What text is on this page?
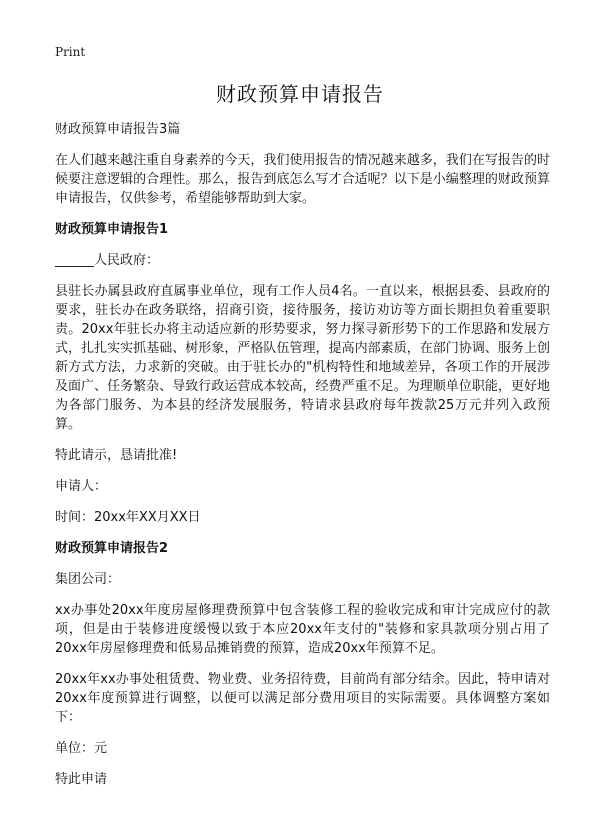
Print
财政预算申请报告

财政预算申请报告3篇

在人们越来越注重自身素养的今天，我们使用报告的情况越来越多，我们在写报告的时候要注意逻辑的合理性。那么，报告到底怎么写才合适呢？以下是小编整理的财政预算申请报告，仅供参考，希望能够帮助到大家。

财政预算申请报告1

______人民政府：

县驻长办属县政府直属事业单位，现有工作人员4名。一直以来，根据县委、县政府的要求，驻长办在政务联络，招商引资，接待服务，接访劝访等方面长期担负着重要职责。20xx年驻长办将主动适应新的形势要求，努力探寻新形势下的工作思路和发展方式，扎扎实实抓基础、树形象，严格队伍管理，提高内部素质，在部门协调、服务上创新方式方法，力求新的突破。由于驻长办的"机构特性和地域差异，各项工作的开展涉及面广、任务繁杂、导致行政运营成本较高，经费严重不足。为理顺单位职能，更好地为各部门服务、为本县的经济发展服务，特请求县政府每年拨款25万元并列入政预算。

特此请示，恳请批准!

申请人：

时间：20xx年XX月XX日

财政预算申请报告2

集团公司：

xx办事处20xx年度房屋修理费预算中包含装修工程的验收完成和审计完成应付的款项，但是由于装修进度缓慢以致于本应20xx年支付的"装修和家具款项分别占用了20xx年房屋修理费和低易品摊销费的预算，造成20xx年预算不足。

20xx年xx办事处租赁费、物业费、业务招待费，目前尚有部分结余。因此，特申请对20xx年度预算进行调整，以便可以满足部分费用项目的实际需要。具体调整方案如下：

单位：元

特此申请
